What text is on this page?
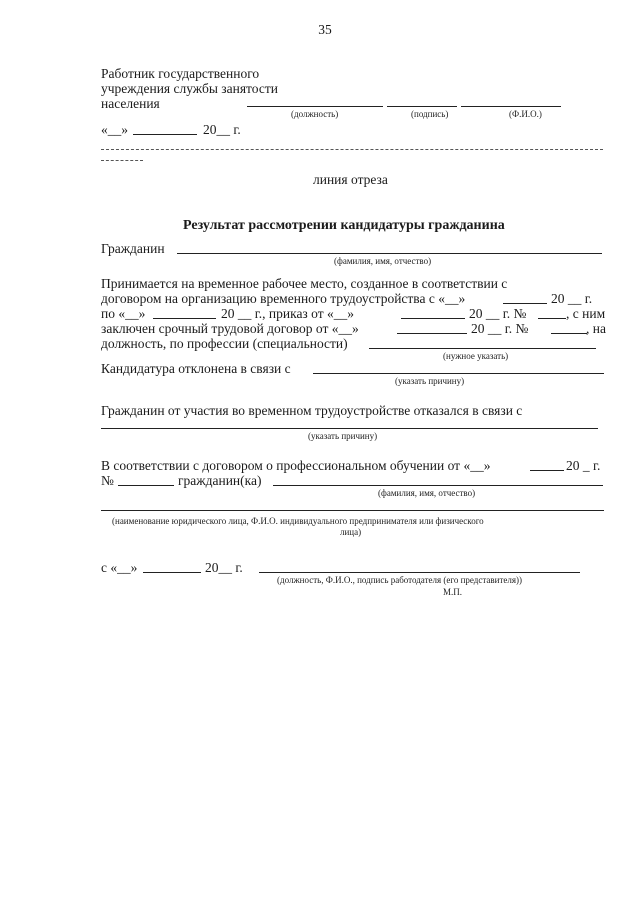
35
Работник государственного
учреждения службы занятости
населения
(должность)	(подпись)	(Ф.И.О.)
«__»	20__ г.
линия отреза
Результат рассмотрении кандидатуры гражданина
Гражданин
(фамилия, имя, отчество)
Принимается на временное рабочее место, созданное в соответствии с
договором на организацию временного трудоустройства с «__»	20 __ г.
по «__»	20 __ г., приказ от «__»	20 __ г. №	, с ним
заключен срочный трудовой договор от «__»	20 __ г. №	, на
должность, по профессии (специальности)
(нужное указать)
Кандидатура отклонена в связи с
(указать причину)
Гражданин от участия во временном трудоустройстве отказался в связи с
(указать причину)
В соответствии с договором о профессиональном обучении от «__»	20 _ г.
№	гражданин(ка)
(фамилия, имя, отчество)
(наименование юридического лица, Ф.И.О. индивидуального предпринимателя или физического
лица)
с «__»	20__ г.
(должность, Ф.И.О., подпись работодателя (его представителя))
М.П.
